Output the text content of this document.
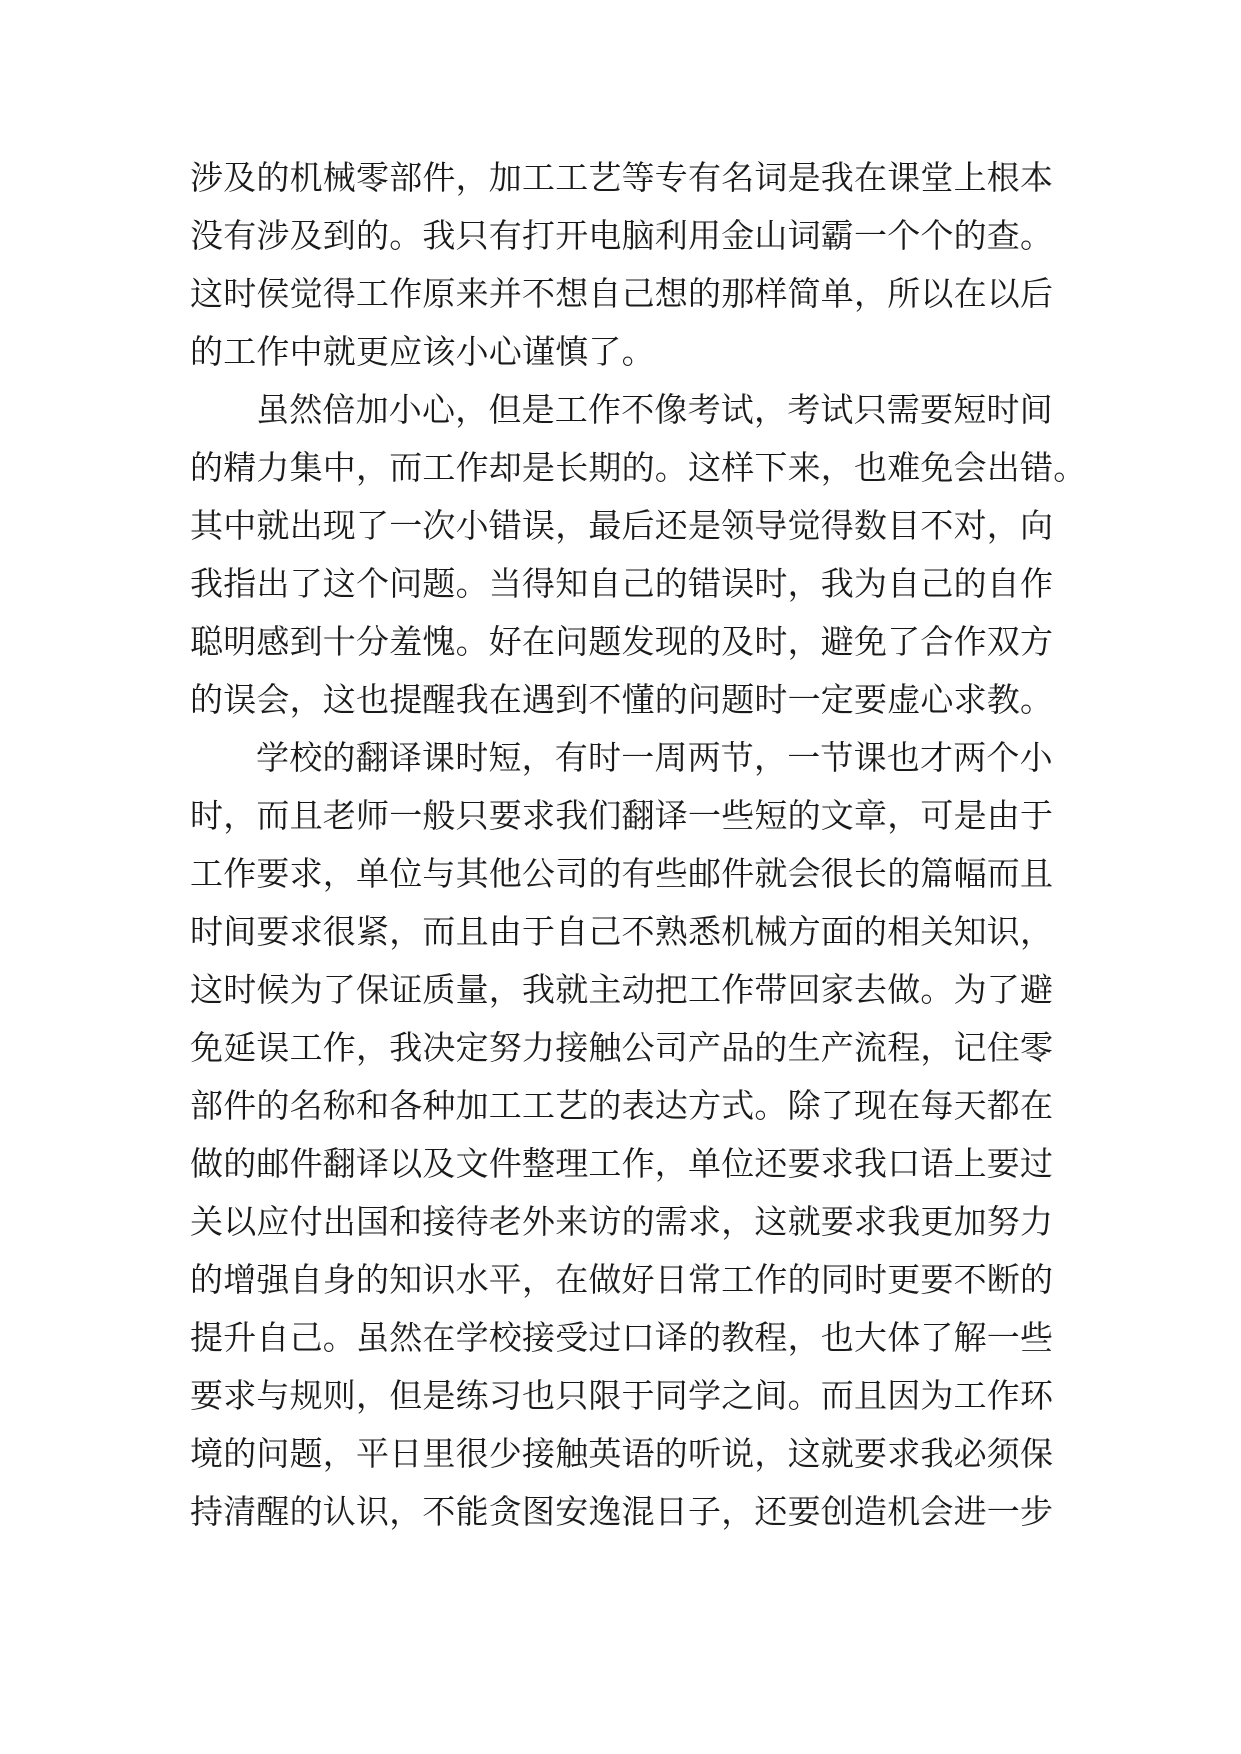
涉及的机械零部件，加工工艺等专有名词是我在课堂上根本
没有涉及到的。我只有打开电脑利用金山词霸一个个的查。
这时侯觉得工作原来并不想自己想的那样简单，所以在以后
的工作中就更应该小心谨慎了。
虽然倍加小心，但是工作不像考试，考试只需要短时间
的精力集中，而工作却是长期的。这样下来，也难免会出错。
其中就出现了一次小错误，最后还是领导觉得数目不对，向
我指出了这个问题。当得知自己的错误时，我为自己的自作
聪明感到十分羞愧。好在问题发现的及时，避免了合作双方
的误会，这也提醒我在遇到不懂的问题时一定要虚心求教。
学校的翻译课时短，有时一周两节，一节课也才两个小
时，而且老师一般只要求我们翻译一些短的文章，可是由于
工作要求，单位与其他公司的有些邮件就会很长的篇幅而且
时间要求很紧，而且由于自己不熟悉机械方面的相关知识，
这时候为了保证质量，我就主动把工作带回家去做。为了避
免延误工作，我决定努力接触公司产品的生产流程，记住零
部件的名称和各种加工工艺的表达方式。除了现在每天都在
做的邮件翻译以及文件整理工作，单位还要求我口语上要过
关以应付出国和接待老外来访的需求，这就要求我更加努力
的增强自身的知识水平，在做好日常工作的同时更要不断的
提升自己。虽然在学校接受过口译的教程，也大体了解一些
要求与规则，但是练习也只限于同学之间。而且因为工作环
境的问题，平日里很少接触英语的听说，这就要求我必须保
持清醒的认识，不能贪图安逸混日子，还要创造机会进一步
